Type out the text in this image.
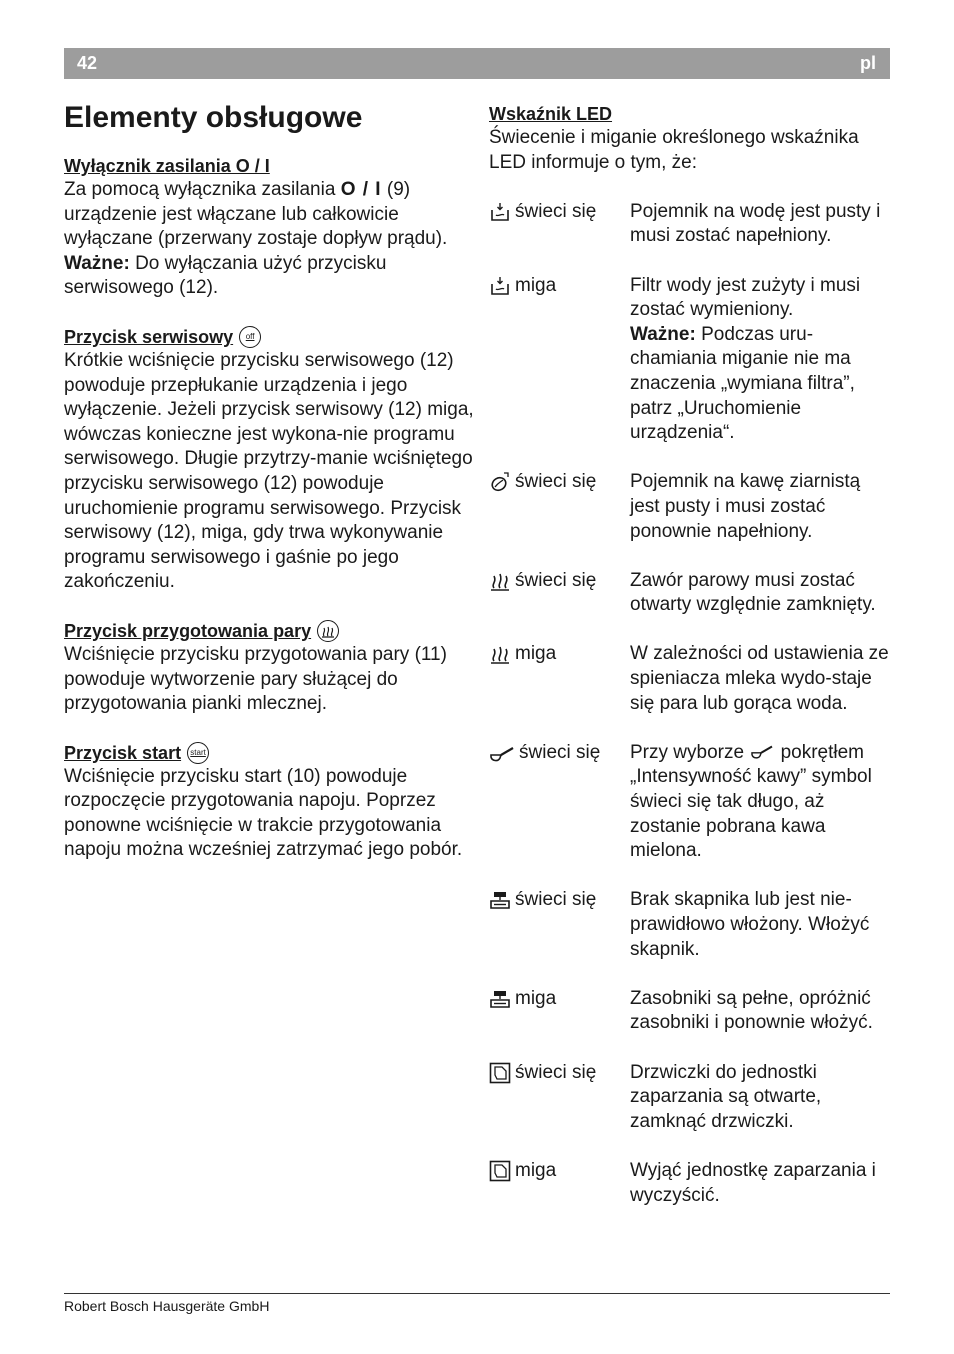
42	pl
Elementy obsługowe
Wyłącznik zasilania O / I
Za pomocą wyłącznika zasilania O / I (9) urządzenie jest włączane lub całkowicie wyłączane (przerwany zostaje dopływ prądu).
Ważne: Do wyłączania użyć przycisku serwisowego (12).
Przycisk serwisowy off
Krótkie wciśnięcie przycisku serwisowego (12) powoduje przepłukanie urządzenia i jego wyłączenie. Jeżeli przycisk serwisowy (12) miga, wówczas konieczne jest wykona-nie programu serwisowego. Długie przytrzy-manie wciśniętego przycisku serwisowego (12) powoduje uruchomienie programu serwisowego. Przycisk serwisowy (12), miga, gdy trwa wykonywanie programu serwisowego i gaśnie po jego zakończeniu.
Przycisk przygotowania pary
Wciśnięcie przycisku przygotowania pary (11) powoduje wytworzenie pary służącej do przygotowania pianki mlecznej.
Przycisk start start
Wciśnięcie przycisku start (10) powoduje rozpoczęcie przygotowania napoju. Poprzez ponowne wciśnięcie w trakcie przygotowania napoju można wcześniej zatrzymać jego pobór.
Wskaźnik LED
Świecenie i miganie określonego wskaźnika LED informuje o tym, że:
świeci się Pojemnik na wodę jest pusty i musi zostać napełniony.
miga	Filtr wody jest zużyty i musi zostać wymieniony.
Ważne: Podczas uru-chamiania miganie nie ma znaczenia „wymiana filtra”, patrz „Uruchomienie urządzenia“.
świeci się Pojemnik na kawę ziarnistą jest pusty i musi zostać ponownie napełniony.
świeci się Zawór parowy musi zostać otwarty względnie zamknięty.
miga	W zależności od ustawienia ze spieniacza mleka wydo-staje się para lub gorąca woda.
świeci się Przy wyborze  pokrętłem „Intensywność kawy” symbol świeci się tak długo, aż zostanie pobrana kawa mielona.
świeci się Brak skapnika lub jest nie-prawidłowo włożony. Włożyć skapnik.
miga	Zasobniki są pełne, opróżnić zasobniki i ponownie włożyć.
świeci się Drzwiczki do jednostki zaparzania są otwarte, zamknąć drzwiczki.
miga	Wyjąć jednostkę zaparzania i wyczyścić.
Robert Bosch Hausgeräte GmbH
